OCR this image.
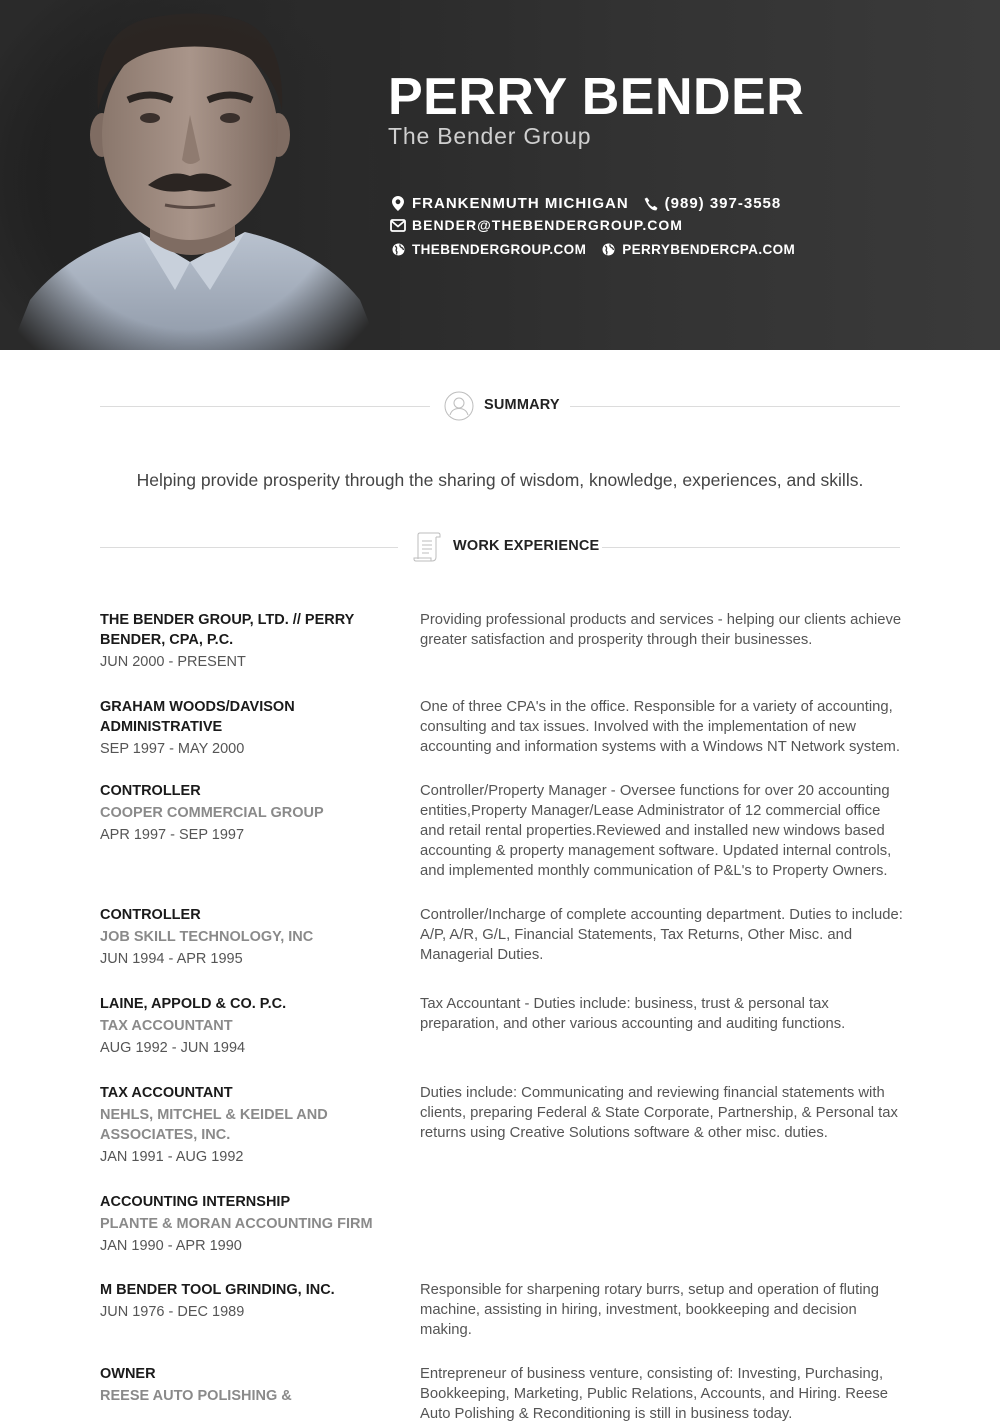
PERRY BENDER
The Bender Group
FRANKENMUTH MICHIGAN (989) 397-3558
BENDER@THEBENDERGROUP.COM
THEBENDERGROUP.COM	PERRYBENDERCPA.COM
SUMMARY
Helping provide prosperity through the sharing of wisdom, knowledge, experiences, and skills.
WORK EXPERIENCE
THE BENDER GROUP, LTD. // PERRY BENDER, CPA, P.C.
JUN 2000 - PRESENT
Providing professional products and services - helping our clients achieve greater satisfaction and prosperity through their businesses.
GRAHAM WOODS/DAVISON ADMINISTRATIVE
SEP 1997 - MAY 2000
One of three CPA's in the office. Responsible for a variety of accounting, consulting and tax issues. Involved with the implementation of new accounting and information systems with a Windows NT Network system.
CONTROLLER
COOPER COMMERCIAL GROUP
APR 1997 - SEP 1997
Controller/Property Manager - Oversee functions for over 20 accounting entities,Property Manager/Lease Administrator of 12 commercial office and retail rental properties.Reviewed and installed new windows based accounting & property management software. Updated internal controls, and implemented monthly communication of P&L's to Property Owners.
CONTROLLER
JOB SKILL TECHNOLOGY, INC
JUN 1994 - APR 1995
Controller/Incharge of complete accounting department. Duties to include: A/P, A/R, G/L, Financial Statements, Tax Returns, Other Misc. and Managerial Duties.
LAINE, APPOLD & CO. P.C.
TAX ACCOUNTANT
AUG 1992 - JUN 1994
Tax Accountant - Duties include: business, trust & personal tax preparation, and other various accounting and auditing functions.
TAX ACCOUNTANT
NEHLS, MITCHEL & KEIDEL AND ASSOCIATES, INC.
JAN 1991 - AUG 1992
Duties include: Communicating and reviewing financial statements with clients, preparing Federal & State Corporate, Partnership, & Personal tax returns using Creative Solutions software & other misc. duties.
ACCOUNTING INTERNSHIP
PLANTE & MORAN ACCOUNTING FIRM
JAN 1990 - APR 1990
M BENDER TOOL GRINDING, INC.
JUN 1976 - DEC 1989
Responsible for sharpening rotary burrs, setup and operation of fluting machine, assisting in hiring, investment, bookkeeping and decision making.
OWNER
REESE AUTO POLISHING &
Entrepreneur of business venture, consisting of: Investing, Purchasing, Bookkeeping, Marketing, Public Relations, Accounts, and Hiring. Reese Auto Polishing & Reconditioning is still in business today.
